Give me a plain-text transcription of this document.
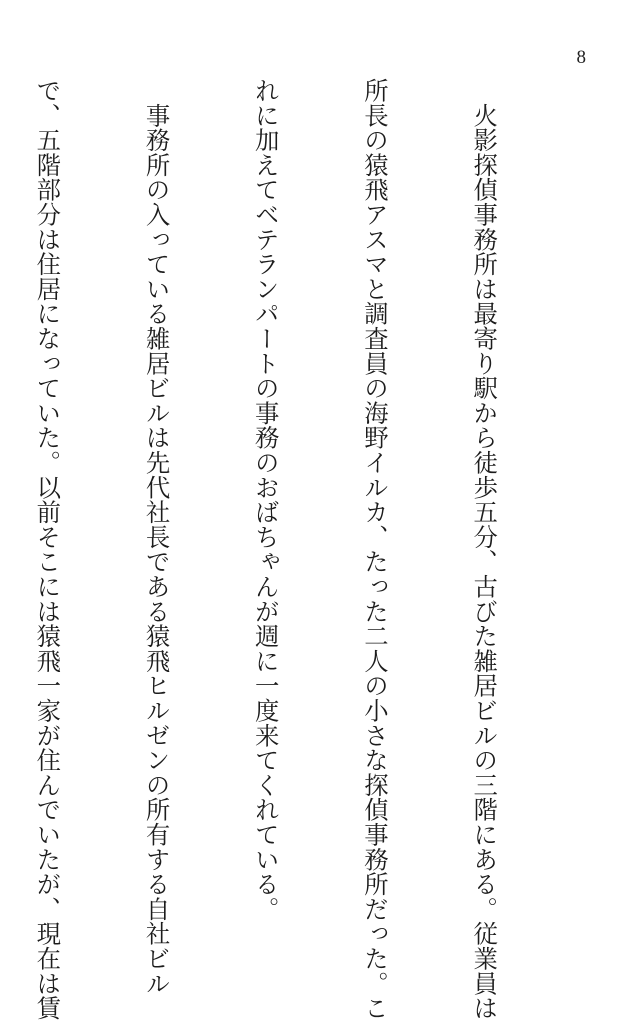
8

　火影探偵事務所は最寄り駅から徒歩五分、古びた雑居ビルの三階にある。従業員は

所長の猿飛アスマと調査員の海野イルカ、たった二人の小さな探偵事務所だった。こ

れに加えてベテランパートの事務のおばちゃんが週に一度来てくれている。

　事務所の入っている雑居ビルは先代社長である猿飛ヒルゼンの所有する自社ビル

で、五階部分は住居になっていた。以前そこには猿飛一家が住んでいたが、現在は賃
